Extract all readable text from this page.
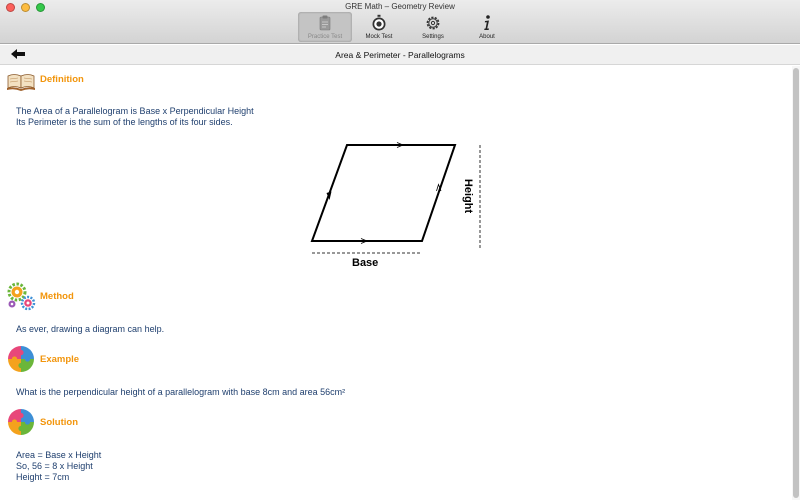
GRE Math – Geometry Review
Practice Test	Mock Test	Settings	About
Area & Perimeter - Parallelograms
Definition
The Area of a Parallelogram is Base x Perpendicular Height
Its Perimeter is the sum of the lengths of its four sides.
Base
Height
Method
As ever, drawing a diagram can help.
Example
What is the perpendicular height of a parallelogram with base 8cm and area 56cm²
Solution
Area = Base x Height
So, 56 = 8 x Height
Height = 7cm
